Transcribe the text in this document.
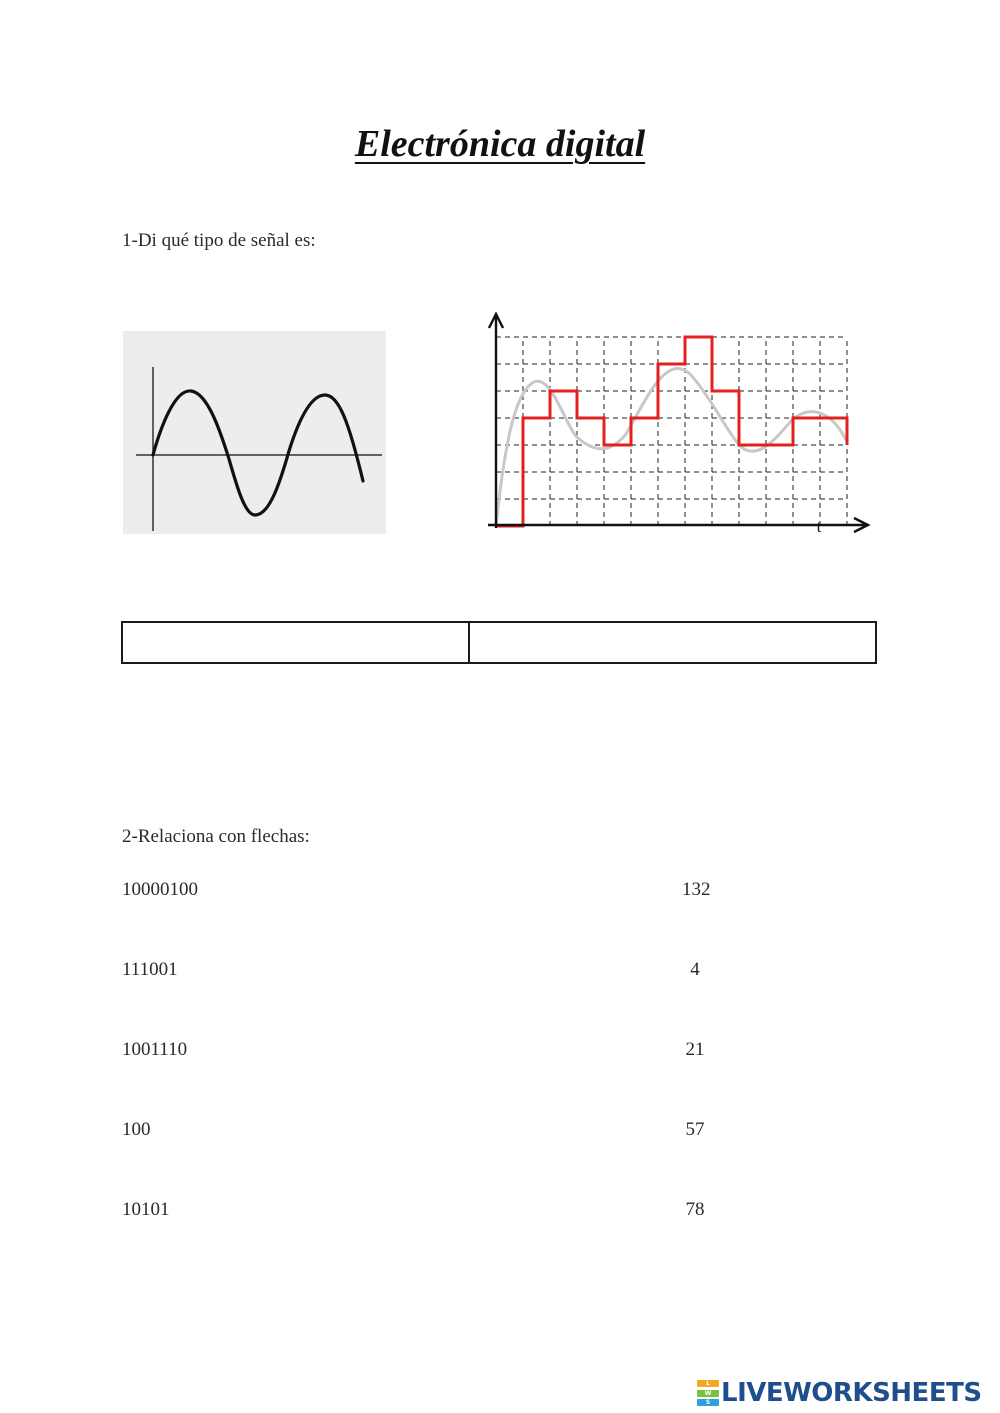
Electrónica digital
1-Di qué tipo de señal es:
t
2-Relaciona con flechas:
10000100	132
111001	4
1001110	21
100	57
10101	78
L
W
S LIVEWORKSHEETS
